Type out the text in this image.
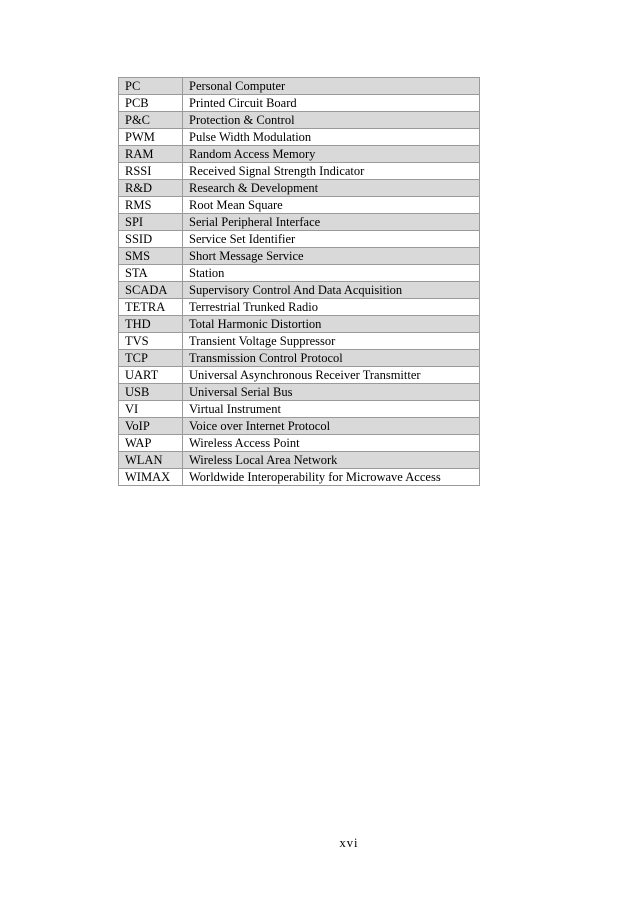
PC	Personal Computer
PCB	Printed Circuit Board
P&C	Protection & Control
PWM	Pulse Width Modulation
RAM	Random Access Memory
RSSI	Received Signal Strength Indicator
R&D	Research & Development
RMS	Root Mean Square
SPI	Serial Peripheral Interface
SSID	Service Set Identifier
SMS	Short Message Service
STA	Station
SCADA	Supervisory Control And Data Acquisition
TETRA	Terrestrial Trunked Radio
THD	Total Harmonic Distortion
TVS	Transient Voltage Suppressor
TCP	Transmission Control Protocol
UART	Universal Asynchronous Receiver Transmitter
USB	Universal Serial Bus
VI	Virtual Instrument
VoIP	Voice over Internet Protocol
WAP	Wireless Access Point
WLAN	Wireless Local Area Network
WIMAX	Worldwide Interoperability for Microwave Access
xvi
